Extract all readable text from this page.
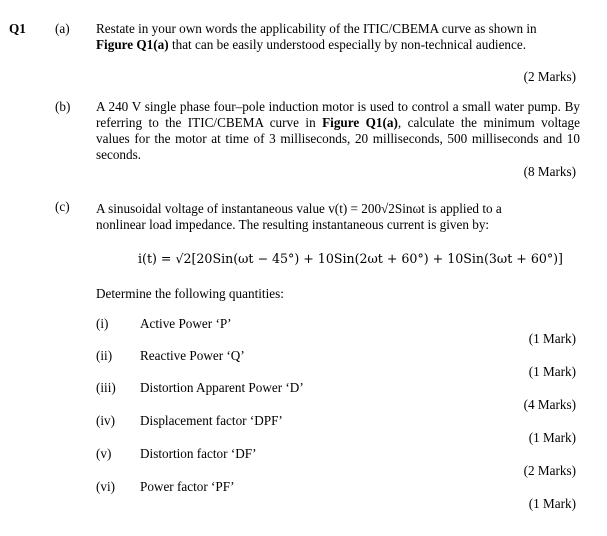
Q1 (a) Restate in your own words the applicability of the ITIC/CBEMA curve as shown in
Figure Q1(a) that can be easily understood especially by non-technical audience.
(2 Marks)
(b) A 240 V single phase four–pole induction motor is used to control a small water pump. By referring to the ITIC/CBEMA curve in Figure Q1(a), calculate the minimum voltage values for the motor at time of 3 milliseconds, 20 milliseconds, 500 milliseconds and 10 seconds.
(8 Marks)
(c) A sinusoidal voltage of instantaneous value v(t) = 200√2Sinωt is applied to a
nonlinear load impedance. The resulting instantaneous current is given by:
i(t) = √2[20Sin(ωt − 45°) + 10Sin(2ωt + 60°) + 10Sin(3ωt + 60°)]
Determine the following quantities:
(i) Active Power ‘P’
(1 Mark)
(ii) Reactive Power ‘Q’
(1 Mark)
(iii) Distortion Apparent Power ‘D’
(4 Marks)
(iv) Displacement factor ‘DPF’
(1 Mark)
(v) Distortion factor ‘DF’
(2 Marks)
(vi) Power factor ‘PF’
(1 Mark)
